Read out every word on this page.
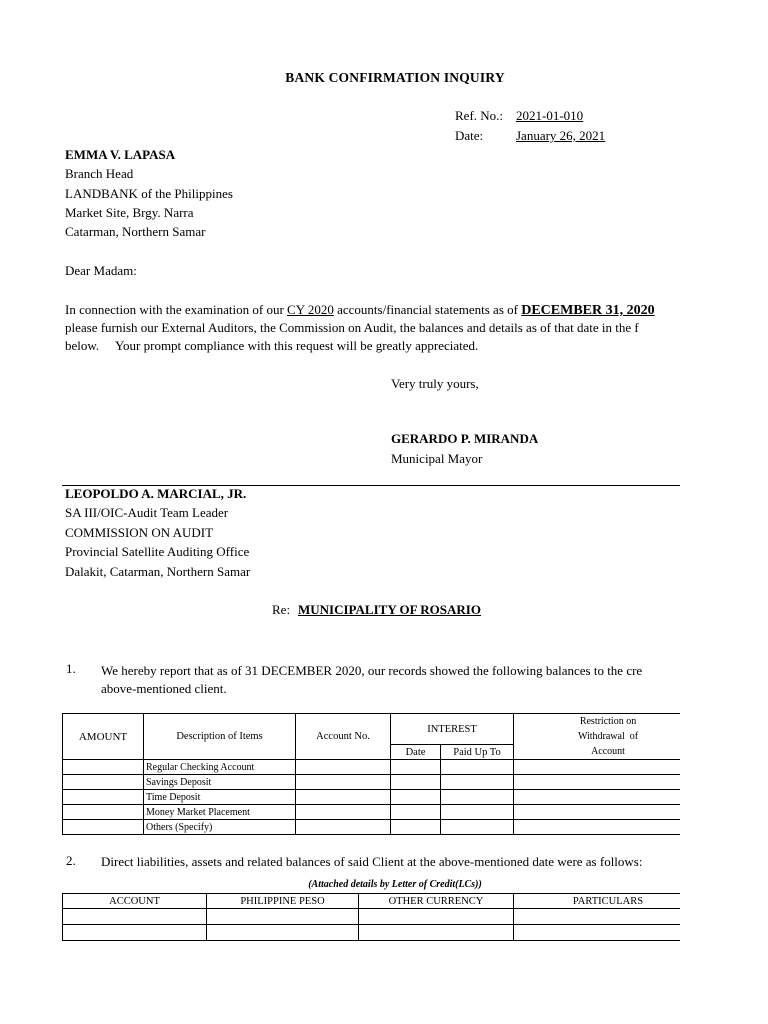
BANK CONFIRMATION INQUIRY
Ref. No.: 2021-01-010
Date:	January 26, 2021
EMMA V. LAPASA
Branch Head
LANDBANK of the Philippines
Market Site, Brgy. Narra
Catarman, Northern Samar
Dear Madam:
In connection with the examination of our CY 2020 accounts/financial statements as of DECEMBER 31, 2020
please furnish our External Auditors, the Commission on Audit, the balances and details as of that date in the f
below.     Your prompt compliance with this request will be greatly appreciated.
Very truly yours,
GERARDO P. MIRANDA
Municipal Mayor
LEOPOLDO A. MARCIAL, JR.
SA III/OIC-Audit Team Leader
COMMISSION ON AUDIT
Provincial Satellite Auditing Office
Dalakit, Catarman, Northern Samar
Re: MUNICIPALITY OF ROSARIO
1. We hereby report that as of 31 DECEMBER 2020, our records showed the following balances to the cre
above-mentioned client.
AMOUNT	Description of Items	Account No.	INTEREST		Restriction on
Withdrawal  of
Account

			Date	Paid Up To	
	Regular Checking Account				
	Savings Deposit				
	Time Deposit				
	Money Market Placement				
	Others (Specify)				
2. Direct liabilities, assets and related balances of said Client at the above-mentioned date were as follows:
(Attached details by Letter of Credit(LCs))
ACCOUNT	PHILIPPINE PESO	OTHER CURRENCY	PARTICULARS
